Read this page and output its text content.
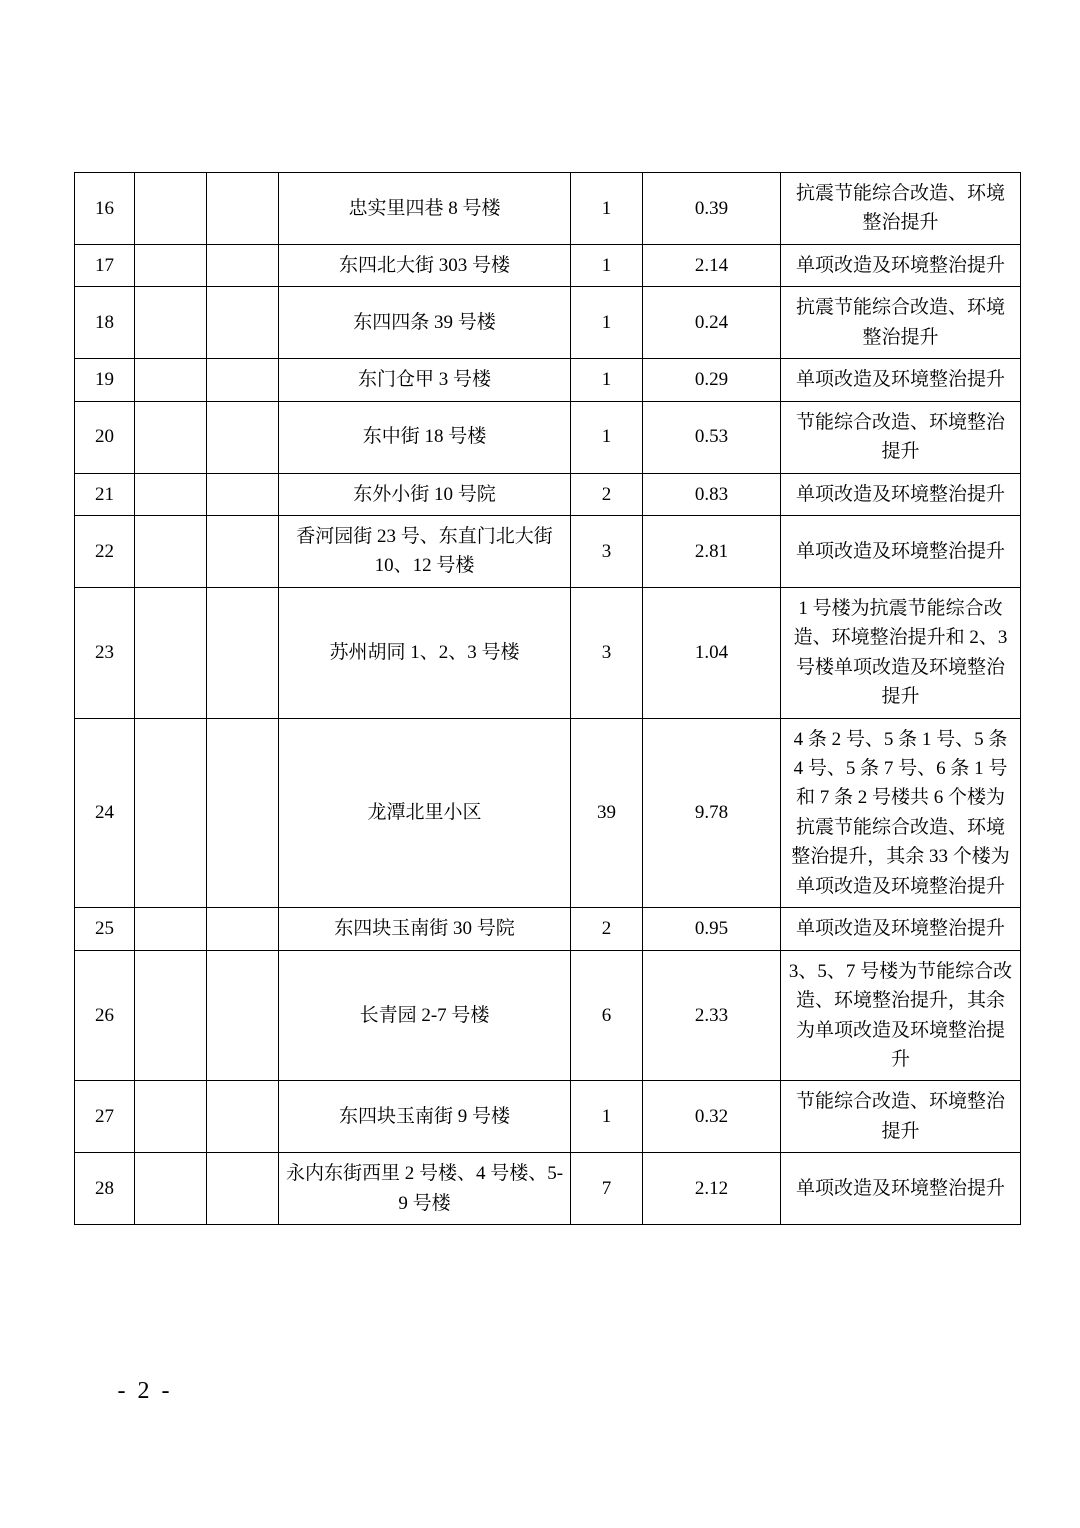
16			忠实里四巷 8 号楼	1	0.39	抗震节能综合改造、环境整治提升
17			东四北大街 303 号楼	1	2.14	单项改造及环境整治提升
18			东四四条 39 号楼	1	0.24	抗震节能综合改造、环境整治提升
19			东门仓甲 3 号楼	1	0.29	单项改造及环境整治提升
20			东中街 18 号楼	1	0.53	节能综合改造、环境整治提升
21			东外小街 10 号院	2	0.83	单项改造及环境整治提升
22			香河园街 23 号、东直门北大街 10、12 号楼	3	2.81	单项改造及环境整治提升
23			苏州胡同 1、2、3 号楼	3	1.04	1 号楼为抗震节能综合改造、环境整治提升和 2、3 号楼单项改造及环境整治提升
24			龙潭北里小区	39	9.78	4 条 2 号、5 条 1 号、5 条 4 号、5 条 7 号、6 条 1 号和 7 条 2 号楼共 6 个楼为抗震节能综合改造、环境整治提升，其余 33 个楼为单项改造及环境整治提升
25			东四块玉南街 30 号院	2	0.95	单项改造及环境整治提升
26			长青园 2-7 号楼	6	2.33	3、5、7 号楼为节能综合改造、环境整治提升，其余为单项改造及环境整治提升
27			东四块玉南街 9 号楼	1	0.32	节能综合改造、环境整治提升
28			永内东街西里 2 号楼、4 号楼、5-9 号楼	7	2.12	单项改造及环境整治提升
- 2 -
